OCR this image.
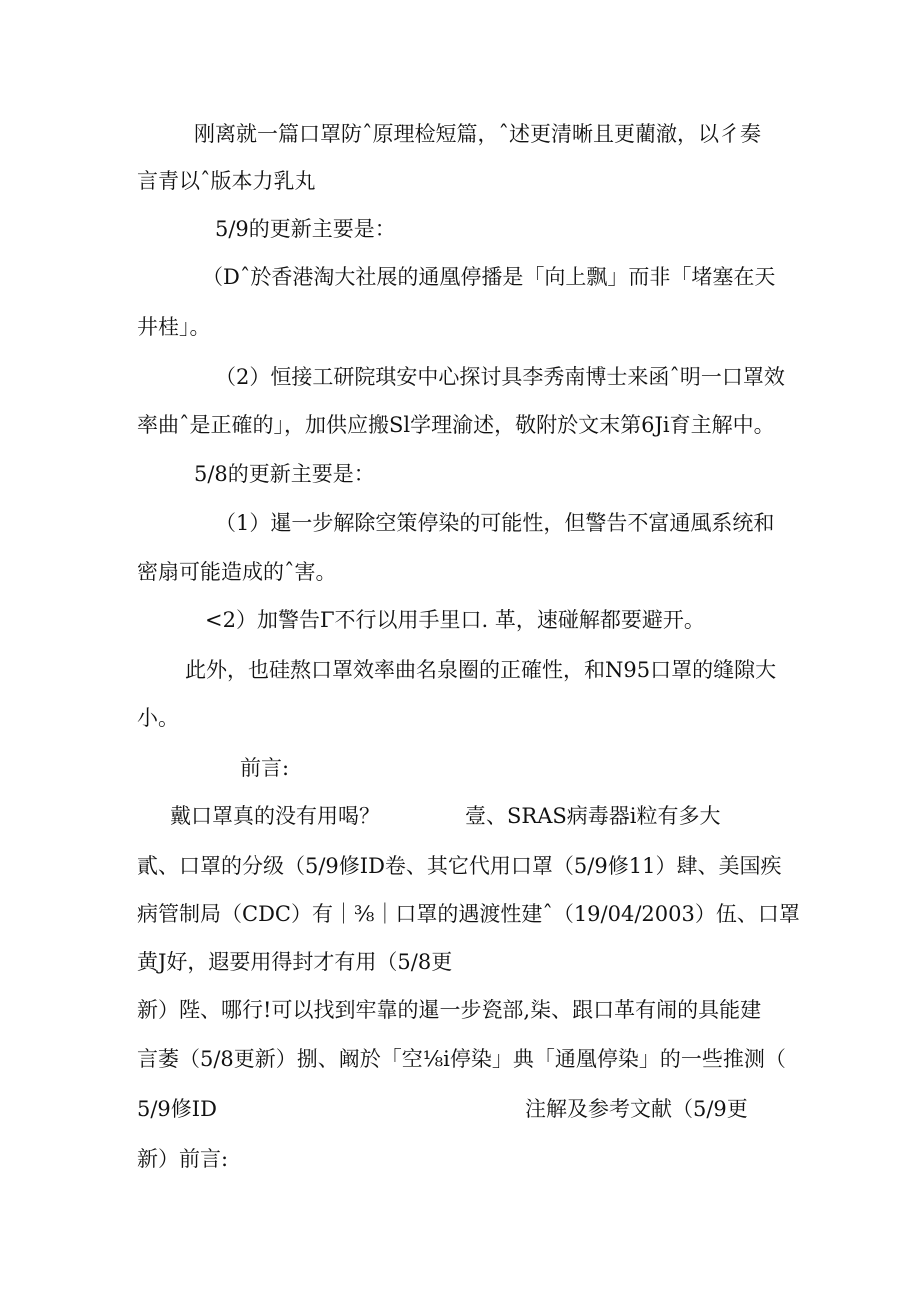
刚离就一篇口罩防ˆ原理检短篇，ˆ述更清晰且更藺澈，以彳奏
言青以ˆ版本力乳丸
5/9的更新主要是：
（Dˆ於香港淘大社展的通凰停播是「向上飘」而非「堵塞在天
井桂」。
（2）恒接工研院琪安中心探讨具李秀南博士来函ˆ明一口罩效
率曲ˆ是正確的」，加供应搬Sl学理渝述，敬附於文末第6Ji育主解中。
5/8的更新主要是：
（1）暹一步解除空策停染的可能性，但警告不富通風系统和
密扇可能造成的ˆ害。
<2）加警告Γ不行以用手里口. 革，速碰解都要避开。
此外，也硅熬口罩效率曲名泉圈的正確性，和N95口罩的缝隙大
小。
前言:
戴口罩真的没有用喝？	壹、SRAS病毒器i粒有多大
貳、口罩的分级（5/9修ID卷、其它代用口罩（5/9修11）肆、美国疾
病管制局（CDC）有｜⅜｜口罩的遇渡性建ˆ（19/04/2003）伍、口罩
黄J好，遐要用得封才有用（5/8更
新）陛、哪行!可以找到牢靠的暹一步瓷部,柒、跟口革有闹的具能建
言萎（5/8更新）捌、阚於「空⅛i停染」典「通凰停染」的一些推测（
5/9修ID	注解及参考文献（5/9更
新）前言:
